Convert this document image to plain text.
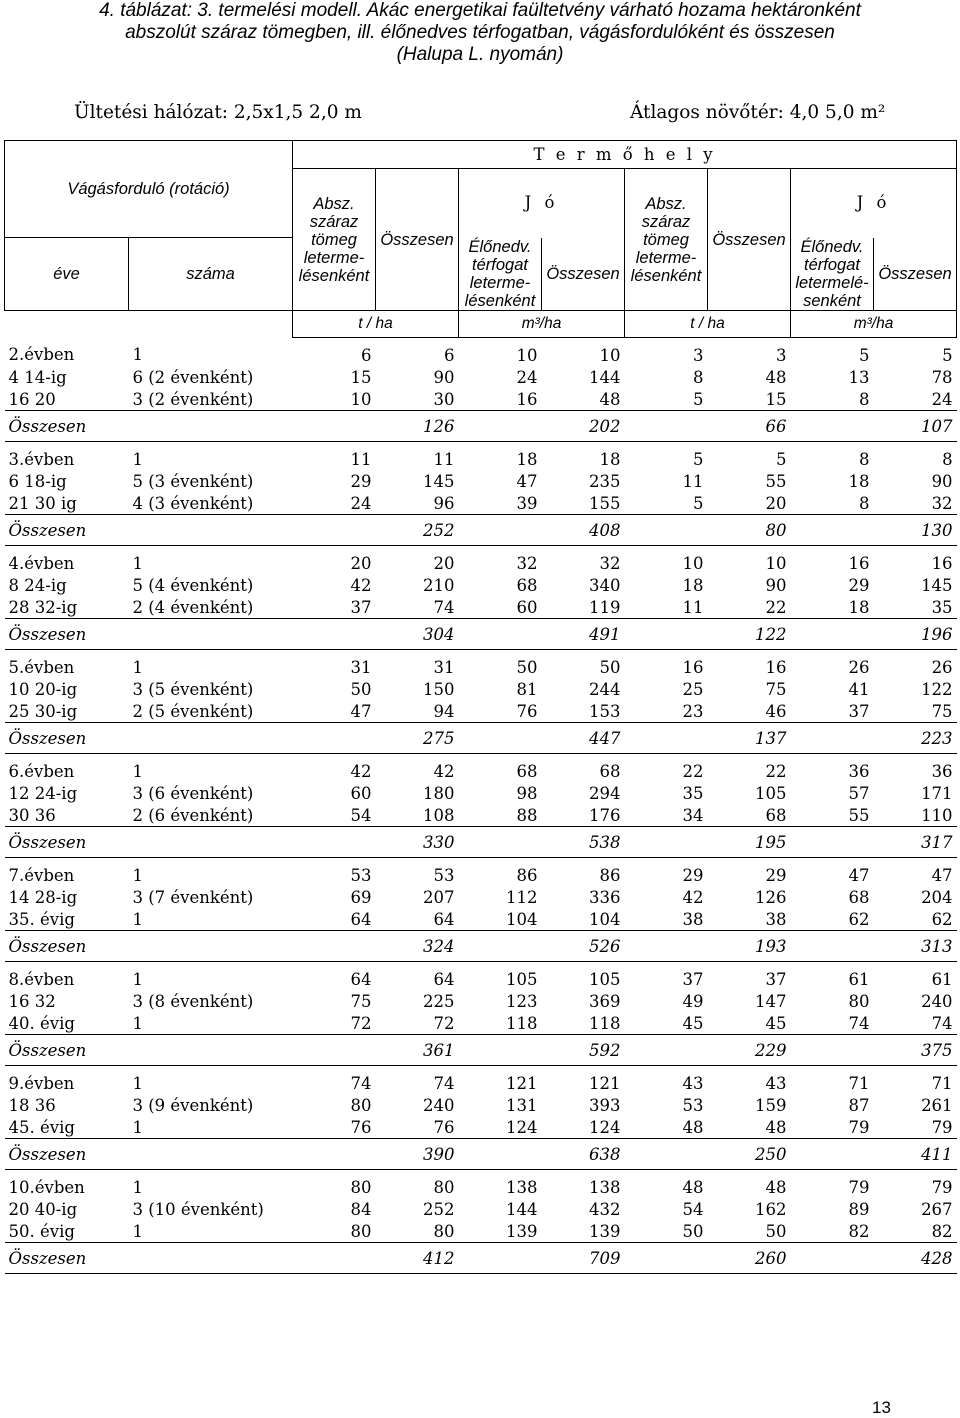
4. táblázat: 3. termelési modell. Akác energetikai faültetvény várható hozama hektáronként
abszolút száraz tömegben, ill. élőnedves térfogatban, vágásfordulóként és összesen
(Halupa L. nyomán)
Ültetési hálózat: 2,5x1,5 2,0 m	Átlagos növőtér: 4,0 5,0 m²
Vágásforduló (rotáció)		T e r m ő h e l y							
		Absz. száraz tömeg leterme- lésenként	Összesen	J ó		Absz. száraz tömeg leterme- lésenként	Összesen	J ó	
éve	száma			Élőnedv. térfogat leterme- lésenként	Összesen			Élőnedv. térfogat letermelé- senként	Összesen
		t / ha		m³/ha		t / ha		m³/ha	
2.évben	1	6	6	10	10	3	3	5	5
4 14-ig	6 (2 évenként)	15	90	24	144	8	48	13	78
16 20	3 (2 évenként)	10	30	16	48	5	15	8	24
Összesen			126		202		66		107
3.évben	1	11	11	18	18	5	5	8	8
6 18-ig	5 (3 évenként)	29	145	47	235	11	55	18	90
21 30 ig	4 (3 évenként)	24	96	39	155	5	20	8	32
Összesen			252		408		80		130
4.évben	1	20	20	32	32	10	10	16	16
8 24-ig	5 (4 évenként)	42	210	68	340	18	90	29	145
28 32-ig	2 (4 évenként)	37	74	60	119	11	22	18	35
Összesen			304		491		122		196
5.évben	1	31	31	50	50	16	16	26	26
10 20-ig	3 (5 évenként)	50	150	81	244	25	75	41	122
25 30-ig	2 (5 évenként)	47	94	76	153	23	46	37	75
Összesen			275		447		137		223
6.évben	1	42	42	68	68	22	22	36	36
12 24-ig	3 (6 évenként)	60	180	98	294	35	105	57	171
30 36	2 (6 évenként)	54	108	88	176	34	68	55	110
Összesen			330		538		195		317
7.évben	1	53	53	86	86	29	29	47	47
14 28-ig	3 (7 évenként)	69	207	112	336	42	126	68	204
35. évig	1	64	64	104	104	38	38	62	62
Összesen			324		526		193		313
8.évben	1	64	64	105	105	37	37	61	61
16 32	3 (8 évenként)	75	225	123	369	49	147	80	240
40. évig	1	72	72	118	118	45	45	74	74
Összesen			361		592		229		375
9.évben	1	74	74	121	121	43	43	71	71
18 36	3 (9 évenként)	80	240	131	393	53	159	87	261
45. évig	1	76	76	124	124	48	48	79	79
Összesen			390		638		250		411
10.évben	1	80	80	138	138	48	48	79	79
20 40-ig	3 (10 évenként)	84	252	144	432	54	162	89	267
50. évig	1	80	80	139	139	50	50	82	82
Összesen			412		709		260		428
13
